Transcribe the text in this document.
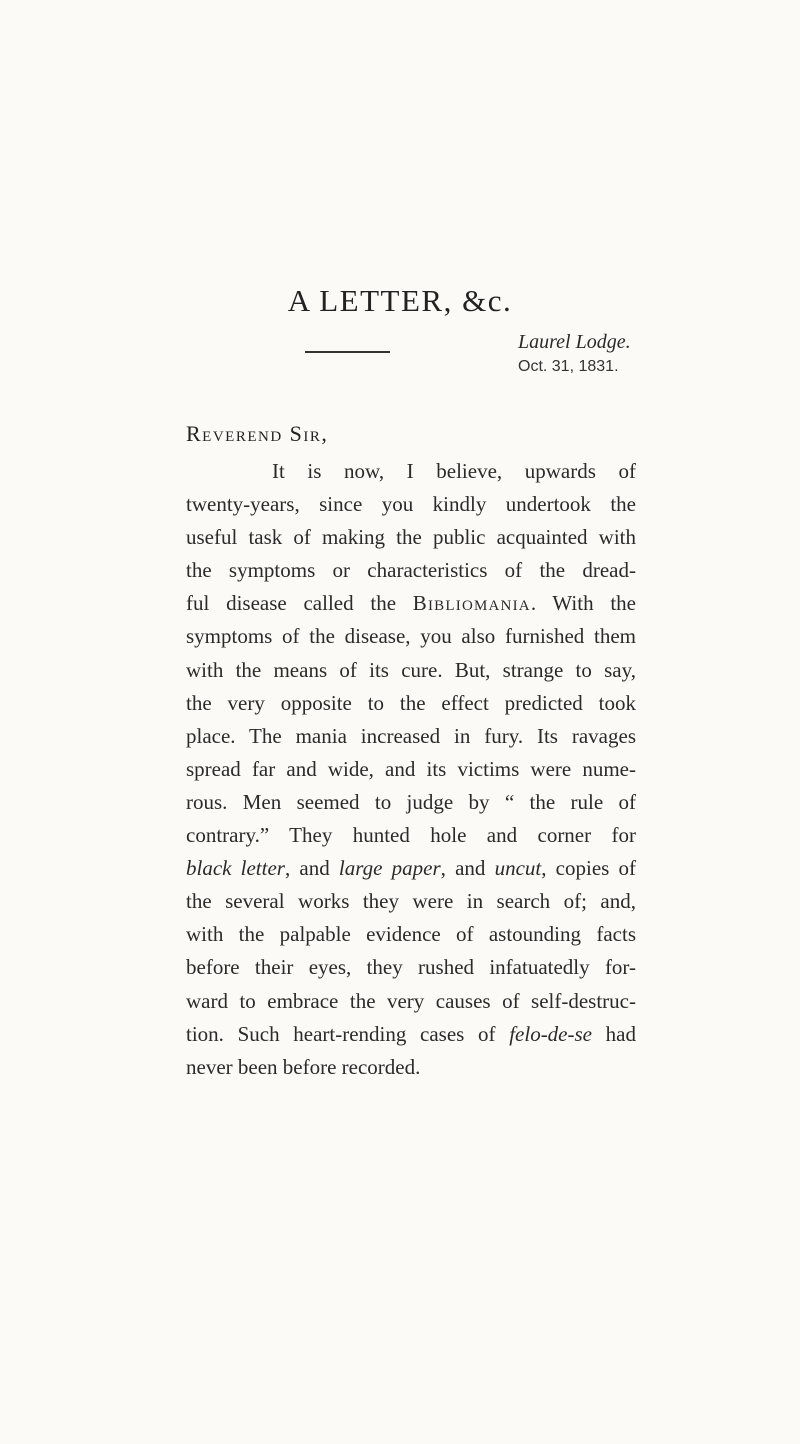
A LETTER, &c.
Laurel Lodge.
Oct. 31, 1831.
Reverend Sir,
It is now, I believe, upwards of
twenty-years, since you kindly undertook the
useful task of making the public acquainted with
the symptoms or characteristics of the dread-
ful disease called the Bibliomania. With the
symptoms of the disease, you also furnished them
with the means of its cure. But, strange to say,
the very opposite to the effect predicted took
place. The mania increased in fury. Its ravages
spread far and wide, and its victims were nume-
rous. Men seemed to judge by “ the rule of
contrary.” They hunted hole and corner for
black letter, and large paper, and uncut, copies of
the several works they were in search of; and,
with the palpable evidence of astounding facts
before their eyes, they rushed infatuatedly for-
ward to embrace the very causes of self-destruc-
tion. Such heart-rending cases of felo-de-se had
never been before recorded.
